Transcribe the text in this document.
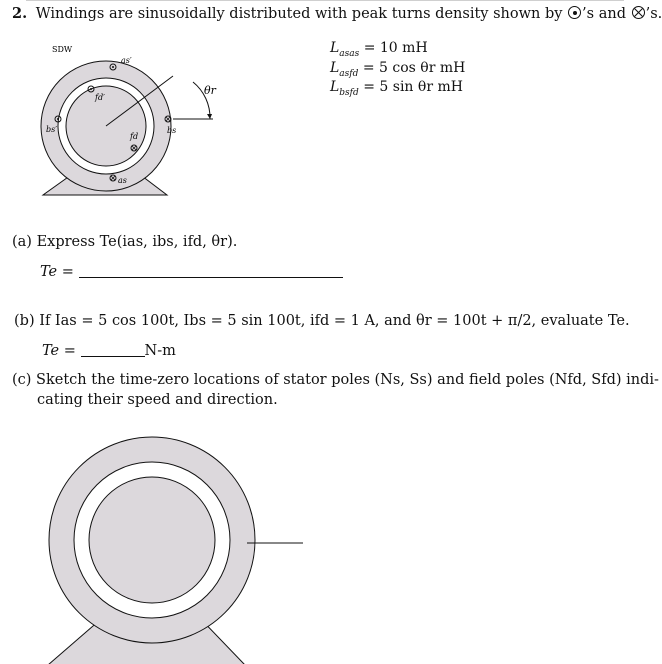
2. Windings are sinusoidally distributed with peak turns density shown by ’s and ’s.
SDW
as′
fd′
bs′	bs
fd
as
θr
$L_{asas} = 10$ mH
$L_{asfd} = 5$ cos θr mH
$L_{bsfd} = 5$ sin θr mH
(a) Express Te(ias, ibs, ifd, θr).
Te =
(b) If Ias = 5 cos 100t, Ibs = 5 sin 100t, ifd = 1 A, and θr = 100t + π/2, evaluate Te.
Te =	N-m
(c) Sketch the time-zero locations of stator poles (Ns, Ss) and field poles (Nfd, Sfd) indi-
cating their speed and direction.
